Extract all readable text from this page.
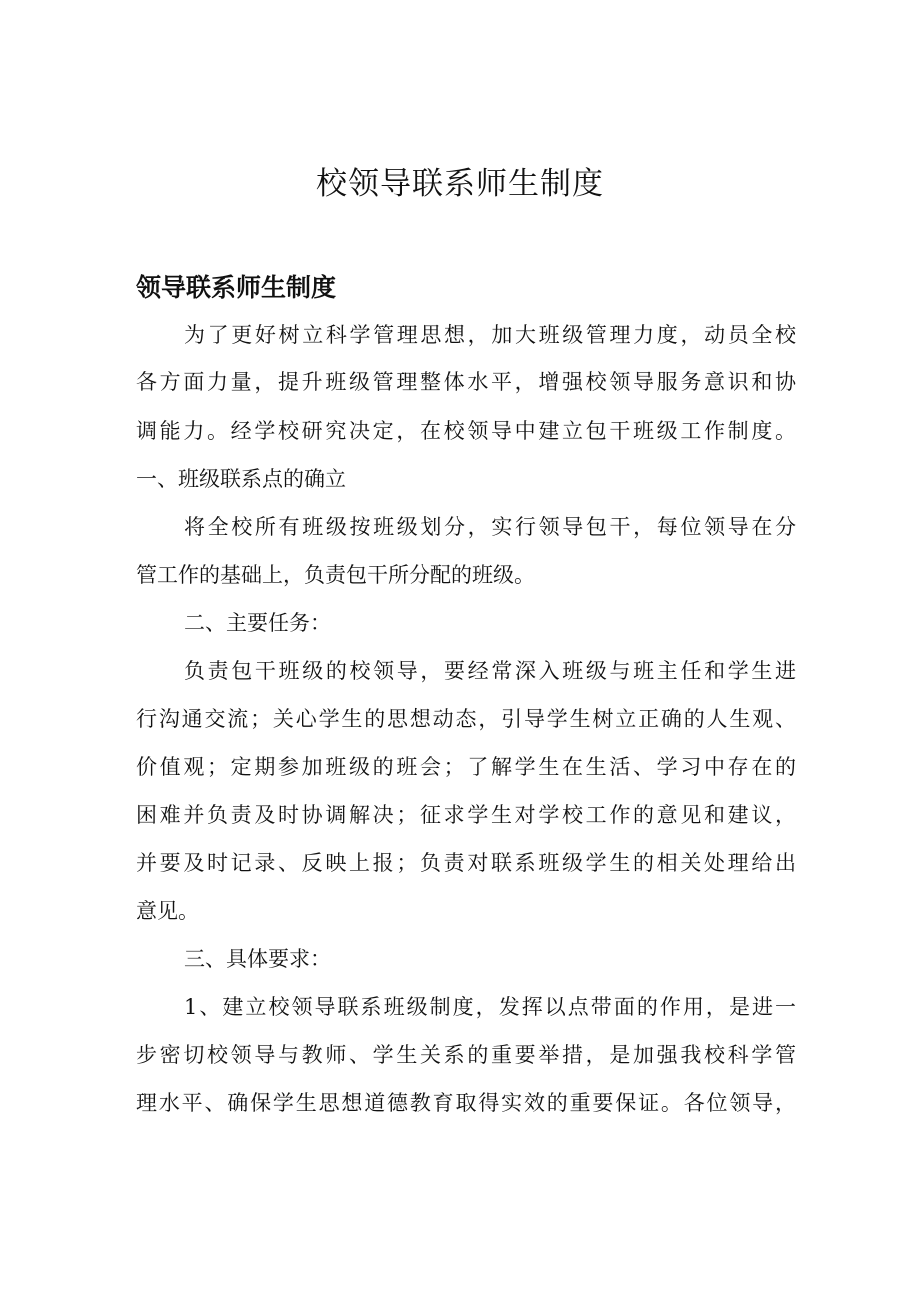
校领导联系师生制度
领导联系师生制度
为了更好树立科学管理思想，加大班级管理力度，动员全校
各方面力量，提升班级管理整体水平，增强校领导服务意识和协
调能力。经学校研究决定，在校领导中建立包干班级工作制度。
一、班级联系点的确立
将全校所有班级按班级划分，实行领导包干，每位领导在分
管工作的基础上，负责包干所分配的班级。
二、主要任务：
负责包干班级的校领导，要经常深入班级与班主任和学生进
行沟通交流；关心学生的思想动态，引导学生树立正确的人生观、
价值观；定期参加班级的班会；了解学生在生活、学习中存在的
困难并负责及时协调解决；征求学生对学校工作的意见和建议，
并要及时记录、反映上报；负责对联系班级学生的相关处理给出
意见。
三、具体要求：
1、建立校领导联系班级制度，发挥以点带面的作用，是进一
步密切校领导与教师、学生关系的重要举措，是加强我校科学管
理水平、确保学生思想道德教育取得实效的重要保证。各位领导，
